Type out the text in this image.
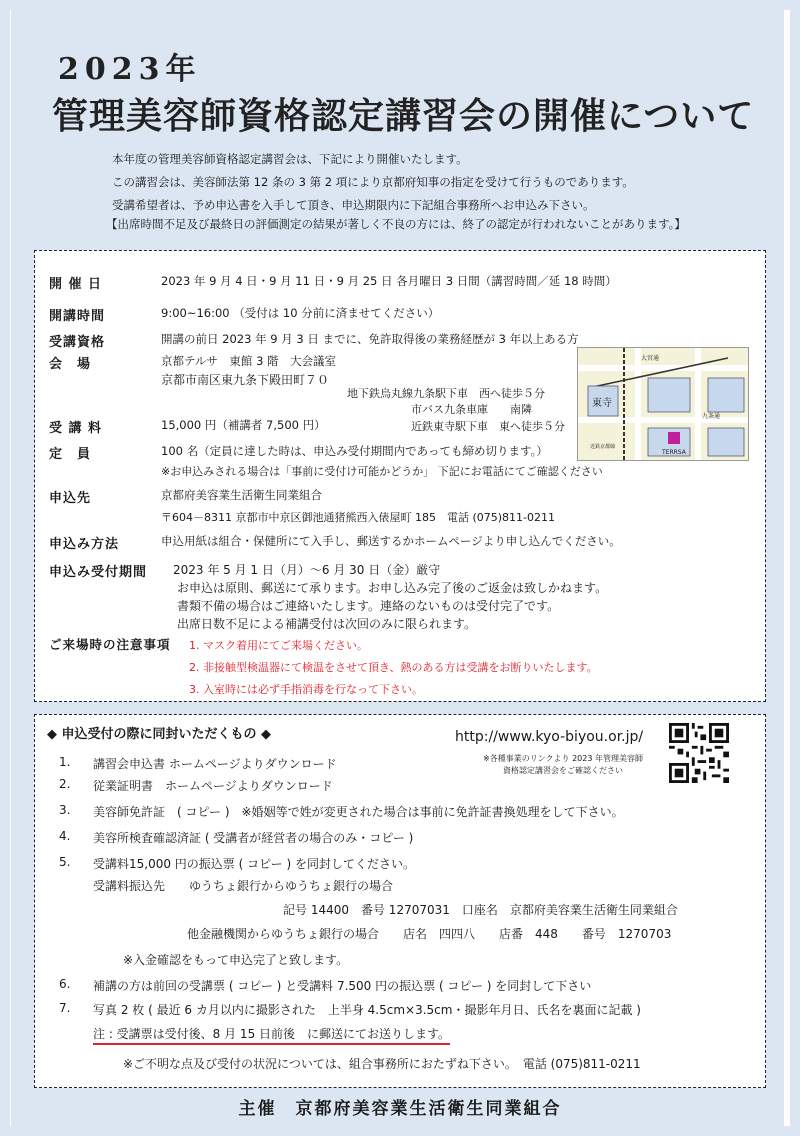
2023年
管理美容師資格認定講習会の開催について
本年度の管理美容師資格認定講習会は、下記により開催いたします。
この講習会は、美容師法第 12 条の 3 第 2 項により京都府知事の指定を受けて行うものであります。
受講希望者は、予め申込書を入手して頂き、申込期限内に下記組合事務所へお申込み下さい。
【出席時間不足及び最終日の評価測定の結果が著しく不良の方には、終了の認定が行われないことがあります。】
開 催 日	2023 年 9 月 4 日・9 月 11 日・9 月 25 日 各月曜日 3 日間（講習時間／延 18 時間）
開講時間	9:00~16:00 （受付は 10 分前に済ませてください）
受講資格	開講の前日 2023 年 9 月 3 日 までに、免許取得後の業務経歴が 3 年以上ある方
会　場	京都テルサ　東館 3 階　大会議室
京都市南区東九条下殿田町７０
地下鉄烏丸線九条駅下車　西へ徒歩５分
市バス九条車庫　　南隣
近鉄東寺駅下車　東へ徒歩５分
東寺
大宮通
九条通
近鉄京都線
TERRSA
受 講 料	15,000 円（補講者 7,500 円）
定　員	100 名（定員に達した時は、申込み受付期間内であっても締め切ります。）
※お申込みされる場合は「事前に受付け可能かどうか」 下記にお電話にてご確認ください
申込先	京都府美容業生活衛生同業組合
〒604－8311 京都市中京区御池通猪熊西入俵屋町 185　電話 (075)811-0211
申込み方法	申込用紙は組合・保健所にて入手し、郵送するかホームページより申し込んでください。
申込み受付期間 2023 年 5 月 1 日（月）～6 月 30 日（金）厳守
お申込は原則、郵送にて承ります。お申し込み完了後のご返金は致しかねます。
書類不備の場合はご連絡いたします。連絡のないものは受付完了です。
出席日数不足による補講受付は次回のみに限られます。
ご来場時の注意事項 1. マスク着用にてご来場ください。
2. 非接触型検温器にて検温をさせて頂き、熱のある方は受講をお断りいたします。
3. 入室時には必ず手指消毒を行なって下さい。
◆ 申込受付の際に同封いただくもの ◆	http://www.kyo-biyou.or.jp/
※各種事業のリンクより 2023 年管理美容師
資格認定講習会をご確認ください
1. 講習会申込書 ホームページよりダウンロード
2. 従業証明書　ホームページよりダウンロード
3. 美容師免許証　( コピー )　※婚姻等で姓が変更された場合は事前に免許証書換処理をして下さい。
4. 美容所検査確認済証 ( 受講者が経営者の場合のみ・コピー )
5. 受講料15,000 円の振込票 ( コピー ) を同封してください。
受講料振込先　　ゆうちょ銀行からゆうちょ銀行の場合
記号 14400　番号 12707031　口座名　京都府美容業生活衛生同業組合
他金融機関からゆうちょ銀行の場合　　店名　四四八　　店番　448　　番号　1270703
※入金確認をもって申込完了と致します。
6. 補講の方は前回の受講票 ( コピー ) と受講料 7.500 円の振込票 ( コピー ) を同封して下さい
7. 写真 2 枚 ( 最近 6 カ月以内に撮影された　上半身 4.5cm×3.5cm・撮影年月日、氏名を裏面に記載 )
注 : 受講票は受付後、8 月 15 日前後　に郵送にてお送りします。
※ご不明な点及び受付の状況については、組合事務所におたずね下さい。　電話 (075)811-0211
主催　京都府美容業生活衛生同業組合
